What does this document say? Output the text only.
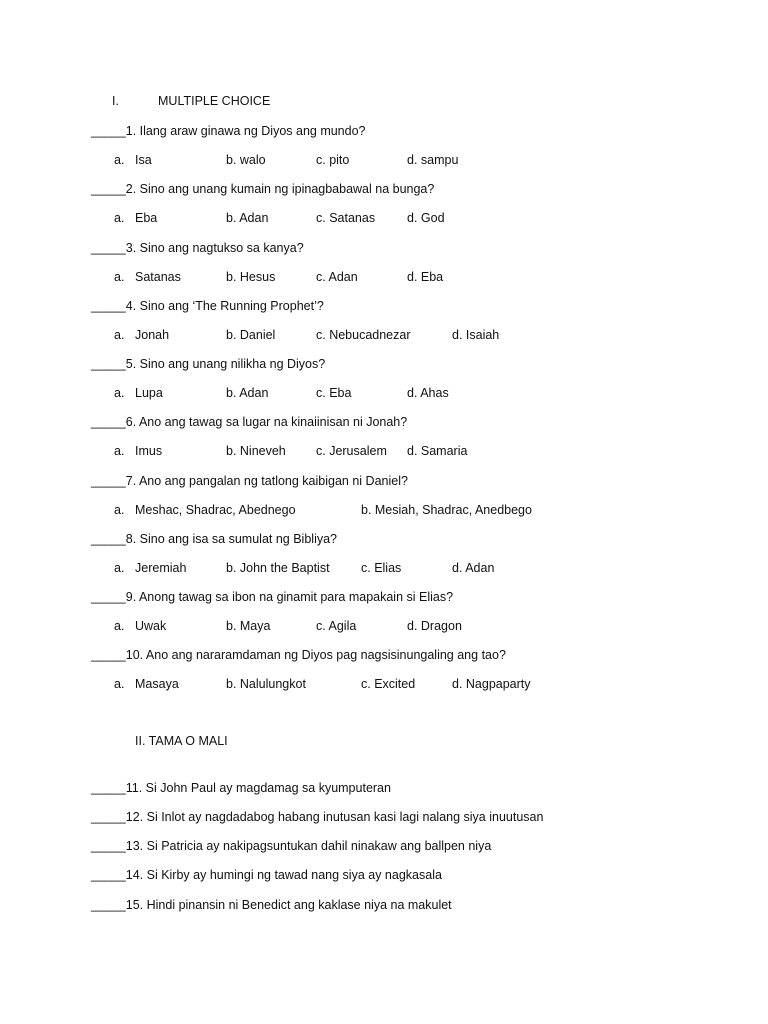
I.	MULTIPLE CHOICE
_____1. Ilang araw ginawa ng Diyos ang mundo?
a. Isa	b. walo	c. pito	d. sampu
_____2. Sino ang unang kumain ng ipinagbabawal na bunga?
a. Eba	b. Adan	c. Satanas	d. God
_____3. Sino ang nagtukso sa kanya?
a. Satanas	b. Hesus	c. Adan	d. Eba
_____4. Sino ang ‘The Running Prophet’?
a. Jonah	b. Daniel	c. Nebucadnezar	d. Isaiah
_____5. Sino ang unang nilikha ng Diyos?
a. Lupa	b. Adan	c. Eba	d. Ahas
_____6. Ano ang tawag sa lugar na kinaiinisan ni Jonah?
a. Imus	b. Nineveh c. Jerusalem d. Samaria
_____7. Ano ang pangalan ng tatlong kaibigan ni Daniel?
a. Meshac, Shadrac, Abednego	b. Mesiah, Shadrac, Anedbego
_____8. Sino ang isa sa sumulat ng Bibliya?
a. Jeremiah	b. John the Baptist	c. Elias	d. Adan
_____9. Anong tawag sa ibon na ginamit para mapakain si Elias?
a. Uwak	b. Maya	c. Agila	d. Dragon
_____10. Ano ang nararamdaman ng Diyos pag nagsisinungaling ang tao?
a. Masaya	b. Nalulungkot	c. Excited	d. Nagpaparty
II. TAMA O MALI
_____11. Si John Paul ay magdamag sa kyumputeran
_____12. Si Inlot ay nagdadabog habang inutusan kasi lagi nalang siya inuutusan
_____13. Si Patricia ay nakipagsuntukan dahil ninakaw ang ballpen niya
_____14. Si Kirby ay humingi ng tawad nang siya ay nagkasala
_____15. Hindi pinansin ni Benedict ang kaklase niya na makulet
